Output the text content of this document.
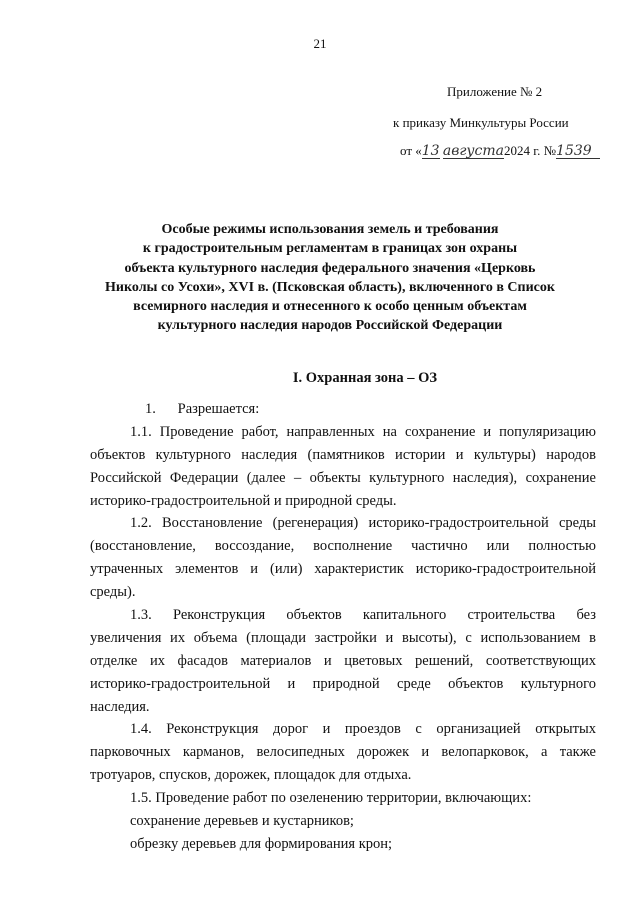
21
Приложение № 2
к приказу Минкультуры России
от «13 августа2024 г. №1539
Особые режимы использования земель и требования
к градостроительным регламентам в границах зон охраны
объекта культурного наследия федерального значения «Церковь
Николы со Усохи», XVI в. (Псковская область), включенного в Список
всемирного наследия и отнесенного к особо ценным объектам
культурного наследия народов Российской Федерации
I. Охранная зона – ОЗ
1.      Разрешается:
1.1. Проведение работ, направленных на сохранение и популяризацию
объектов культурного наследия (памятников истории и культуры) народов
Российской Федерации (далее – объекты культурного наследия), сохранение
историко-градостроительной и природной среды.
1.2. Восстановление (регенерация) историко-градостроительной среды
(восстановление, воссоздание, восполнение частично или полностью
утраченных элементов и (или) характеристик историко-градостроительной
среды).
1.3. Реконструкция объектов капитального строительства без
увеличения их объема (площади застройки и высоты), с использованием в
отделке их фасадов материалов и цветовых решений, соответствующих
историко-градостроительной и природной среде объектов культурного
наследия.
1.4. Реконструкция дорог и проездов с организацией открытых
парковочных карманов, велосипедных дорожек и велопарковок, а также
тротуаров, спусков, дорожек, площадок для отдыха.
1.5. Проведение работ по озеленению территории, включающих:
сохранение деревьев и кустарников;
обрезку деревьев для формирования крон;
